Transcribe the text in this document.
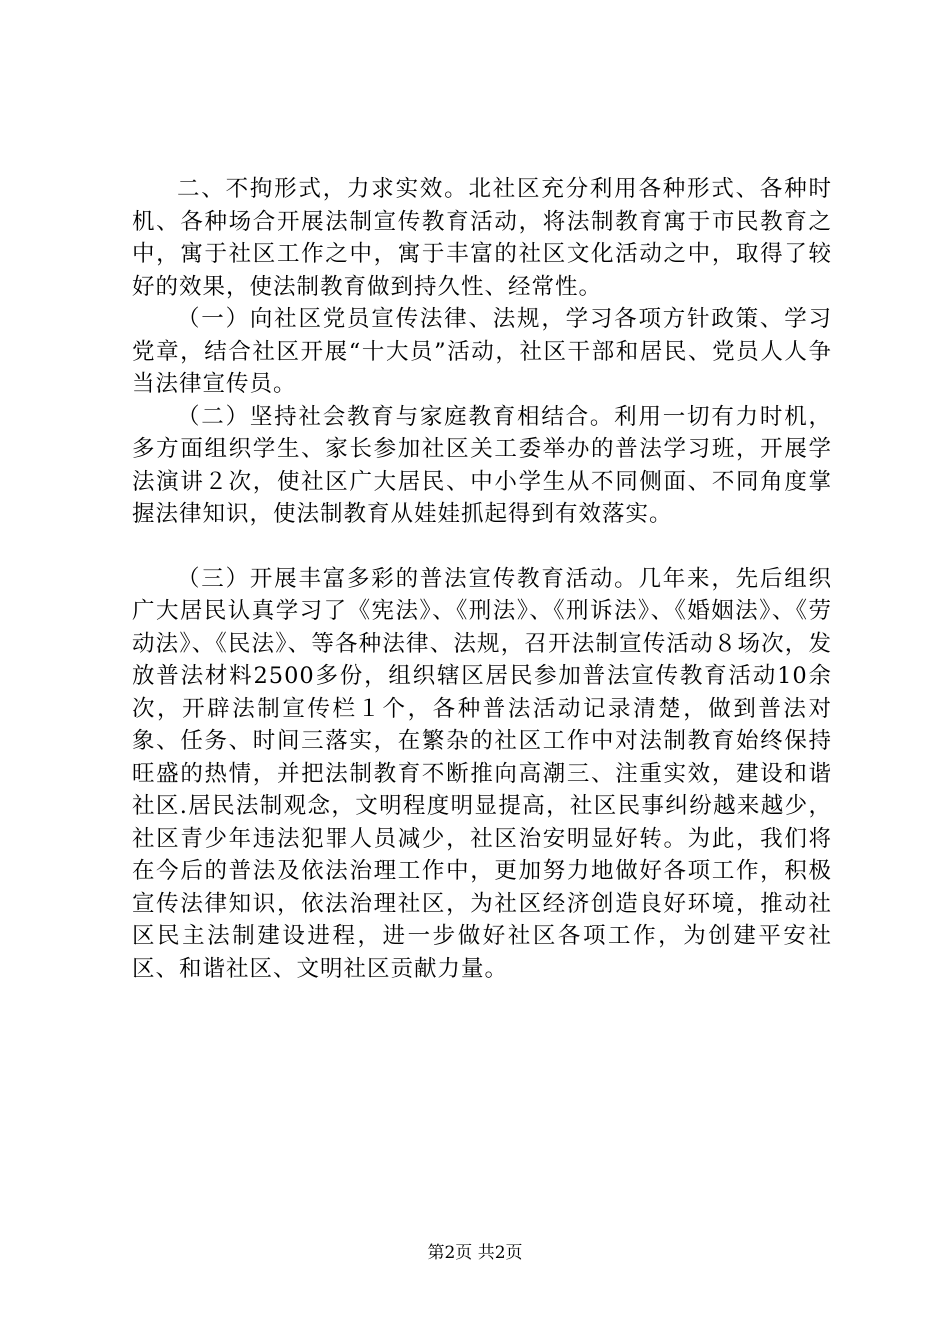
二、不拘形式，力求实效。北社区充分利用各种形式、各种时机、各种场合开展法制宣传教育活动，将法制教育寓于市民教育之中，寓于社区工作之中，寓于丰富的社区文化活动之中，取得了较好的效果，使法制教育做到持久性、经常性。

（一）向社区党员宣传法律、法规，学习各项方针政策、学习党章，结合社区开展“十大员”活动，社区干部和居民、党员人人争当法律宣传员。

（二）坚持社会教育与家庭教育相结合。利用一切有力时机，多方面组织学生、家长参加社区关工委举办的普法学习班，开展学法演讲２次，使社区广大居民、中小学生从不同侧面、不同角度掌握法律知识，使法制教育从娃娃抓起得到有效落实。

（三）开展丰富多彩的普法宣传教育活动。几年来，先后组织广大居民认真学习了《宪法》、《刑法》、《刑诉法》、《婚姻法》、《劳动法》、《民法》、等各种法律、法规，召开法制宣传活动８场次，发放普法材料2500多份，组织辖区居民参加普法宣传教育活动10余次，开辟法制宣传栏１个，各种普法活动记录清楚，做到普法对象、任务、时间三落实，在繁杂的社区工作中对法制教育始终保持旺盛的热情，并把法制教育不断推向高潮三、注重实效，建设和谐社区.居民法制观念，文明程度明显提高，社区民事纠纷越来越少，社区青少年违法犯罪人员减少，社区治安明显好转。为此，我们将在今后的普法及依法治理工作中，更加努力地做好各项工作，积极宣传法律知识，依法治理社区，为社区经济创造良好环境，推动社区民主法制建设进程，进一步做好社区各项工作，为创建平安社区、和谐社区、文明社区贡献力量。

第2页 共2页
